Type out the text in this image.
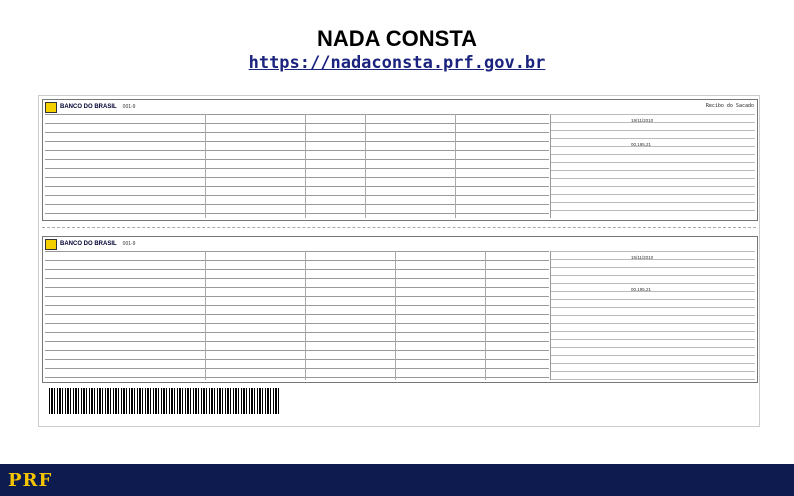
NADA CONSTA
https://nadaconsta.prf.gov.br
BANCO DO BRASIL 001-9	Recibo do Sacado
19/11/2010
00,195,21
BANCO DO BRASIL 001-9
15/11/2010
00,195,21
PRF
